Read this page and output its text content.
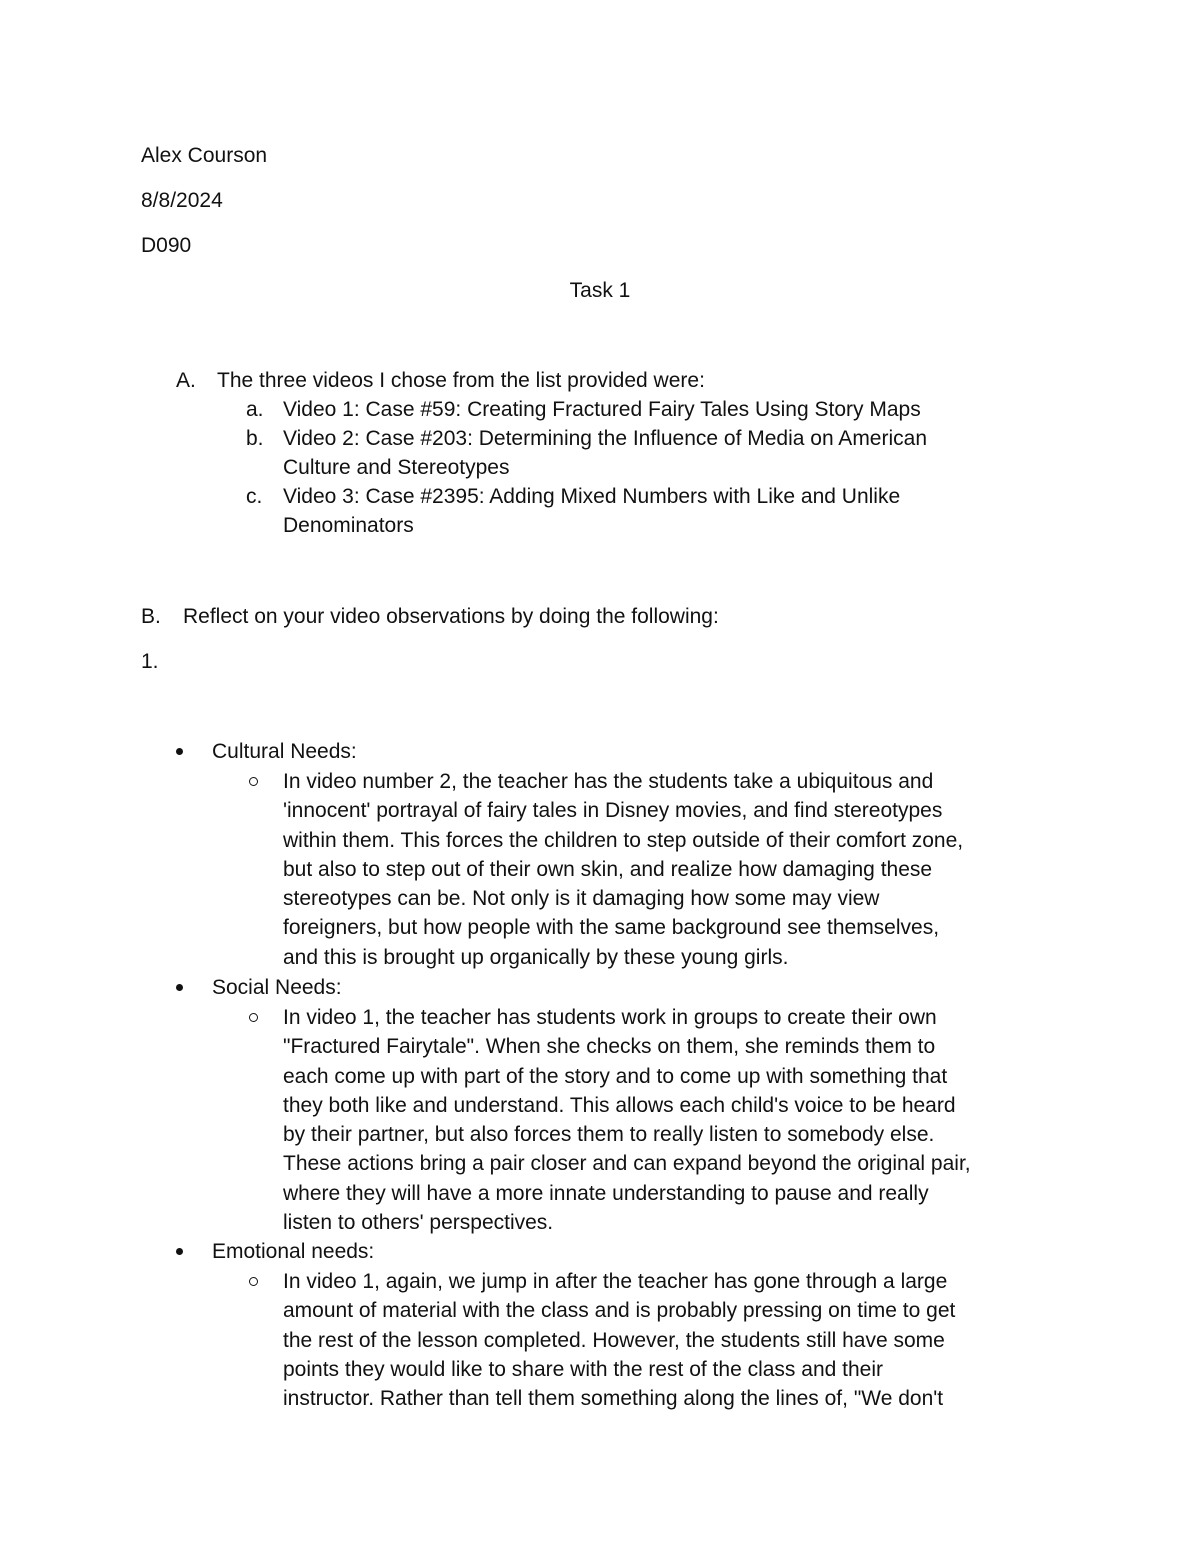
Alex Courson
8/8/2024
D090
Task 1
A. The three videos I chose from the list provided were:
a. Video 1: Case #59: Creating Fractured Fairy Tales Using Story Maps
b. Video 2: Case #203: Determining the Influence of Media on American
Culture and Stereotypes
c. Video 3: Case #2395: Adding Mixed Numbers with Like and Unlike
Denominators
B. Reflect on your video observations by doing the following:
1.
Cultural Needs:
In video number 2, the teacher has the students take a ubiquitous and
'innocent' portrayal of fairy tales in Disney movies, and find stereotypes
within them. This forces the children to step outside of their comfort zone,
but also to step out of their own skin, and realize how damaging these
stereotypes can be. Not only is it damaging how some may view
foreigners, but how people with the same background see themselves,
and this is brought up organically by these young girls.
Social Needs:
In video 1, the teacher has students work in groups to create their own
"Fractured Fairytale". When she checks on them, she reminds them to
each come up with part of the story and to come up with something that
they both like and understand. This allows each child's voice to be heard
by their partner, but also forces them to really listen to somebody else.
These actions bring a pair closer and can expand beyond the original pair,
where they will have a more innate understanding to pause and really
listen to others' perspectives.
Emotional needs:
In video 1, again, we jump in after the teacher has gone through a large
amount of material with the class and is probably pressing on time to get
the rest of the lesson completed. However, the students still have some
points they would like to share with the rest of the class and their
instructor. Rather than tell them something along the lines of, "We don't
